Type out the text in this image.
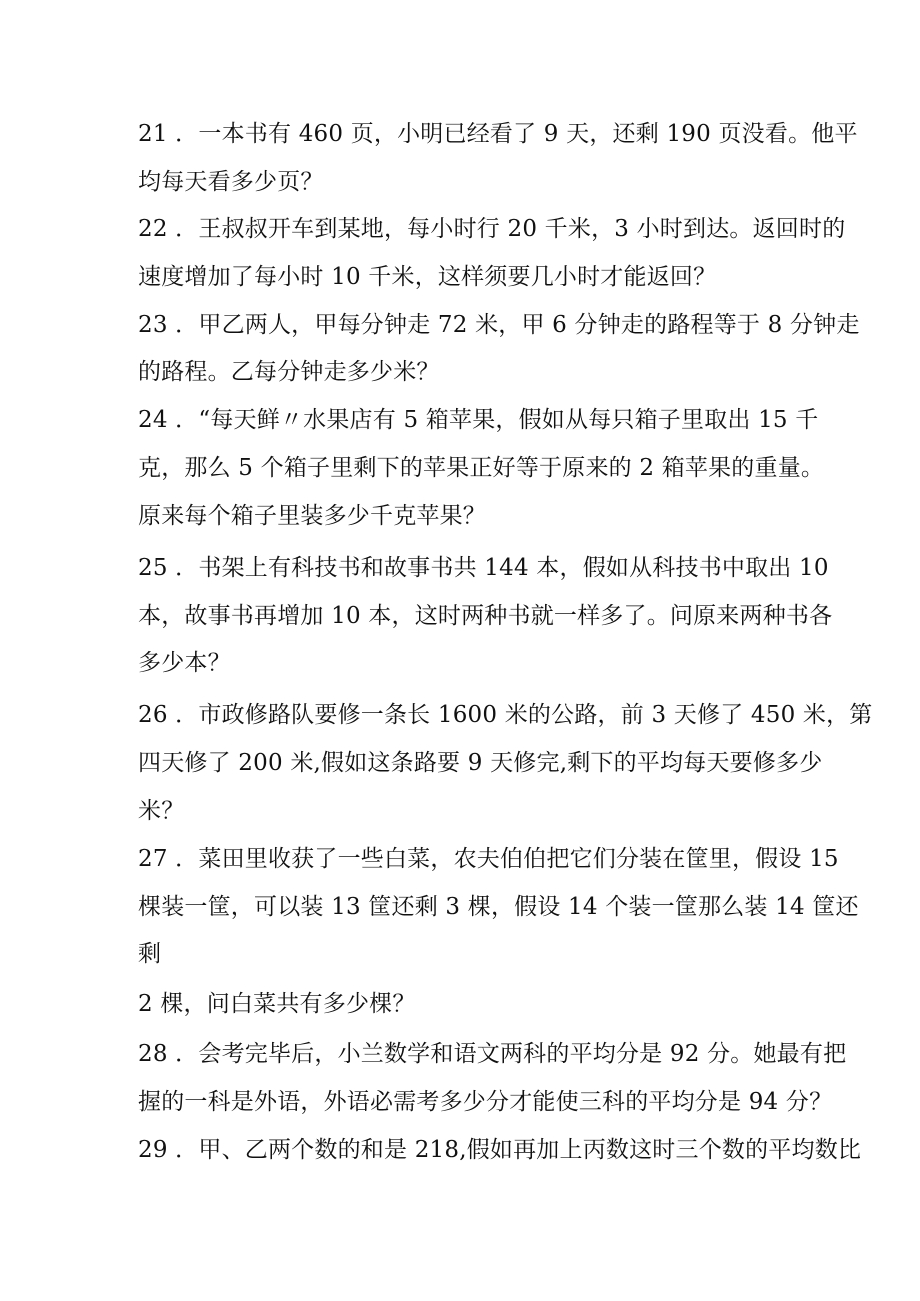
21 ．一本书有 460 页，小明已经看了 9 天，还剩 190 页没看。他平
均每天看多少页？
22 ．王叔叔开车到某地，每小时行 20 千米，3 小时到达。返回时的
速度增加了每小时 10 千米，这样须要几小时才能返回？
23 ．甲乙两人，甲每分钟走 72 米，甲 6 分钟走的路程等于 8 分钟走
的路程。乙每分钟走多少米？
24 ．“每天鲜〃水果店有 5 箱苹果，假如从每只箱子里取出 15 千
克，那么 5 个箱子里剩下的苹果正好等于原来的 2 箱苹果的重量。
原来每个箱子里装多少千克苹果？
25 ．书架上有科技书和故事书共 144 本，假如从科技书中取出 10
本，故事书再增加 10 本，这时两种书就一样多了。问原来两种书各
多少本？
26 ．市政修路队要修一条长 1600 米的公路，前 3 天修了 450 米，第
四天修了 200 米,假如这条路要 9 天修完,剩下的平均每天要修多少
米？
27 ．菜田里收获了一些白菜，农夫伯伯把它们分装在筐里，假设 15
棵装一筐，可以装 13 筐还剩 3 棵，假设 14 个装一筐那么装 14 筐还
剩
2 棵，问白菜共有多少棵？
28 ．会考完毕后，小兰数学和语文两科的平均分是 92 分。她最有把
握的一科是外语，外语必需考多少分才能使三科的平均分是 94 分？
29 ．甲、乙两个数的和是 218,假如再加上丙数这时三个数的平均数比
